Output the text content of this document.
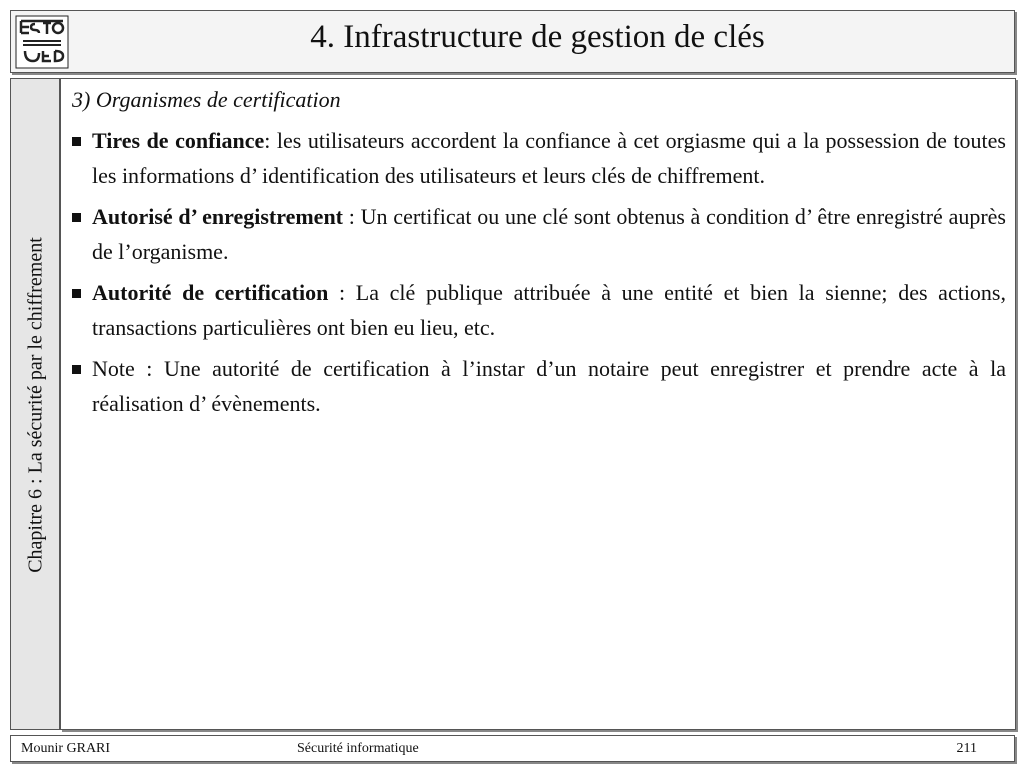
4. Infrastructure de gestion de clés
Chapitre 6 : La sécurité par le chiffrement
3) Organismes de certification
Tires de confiance: les utilisateurs accordent la confiance à cet orgiasme qui a la possession de toutes les informations d’ identification des utilisateurs et leurs clés de chiffrement.
Autorisé d’ enregistrement : Un certificat ou une clé sont obtenus à condition d’ être enregistré auprès de l’organisme.
Autorité de certification : La clé publique attribuée à une entité et bien la sienne; des actions, transactions particulières ont bien eu lieu, etc.
Note : Une autorité de certification à l’instar d’un notaire peut enregistrer et prendre acte à la réalisation d’ évènements.
Mounir GRARI	Sécurité informatique	211
